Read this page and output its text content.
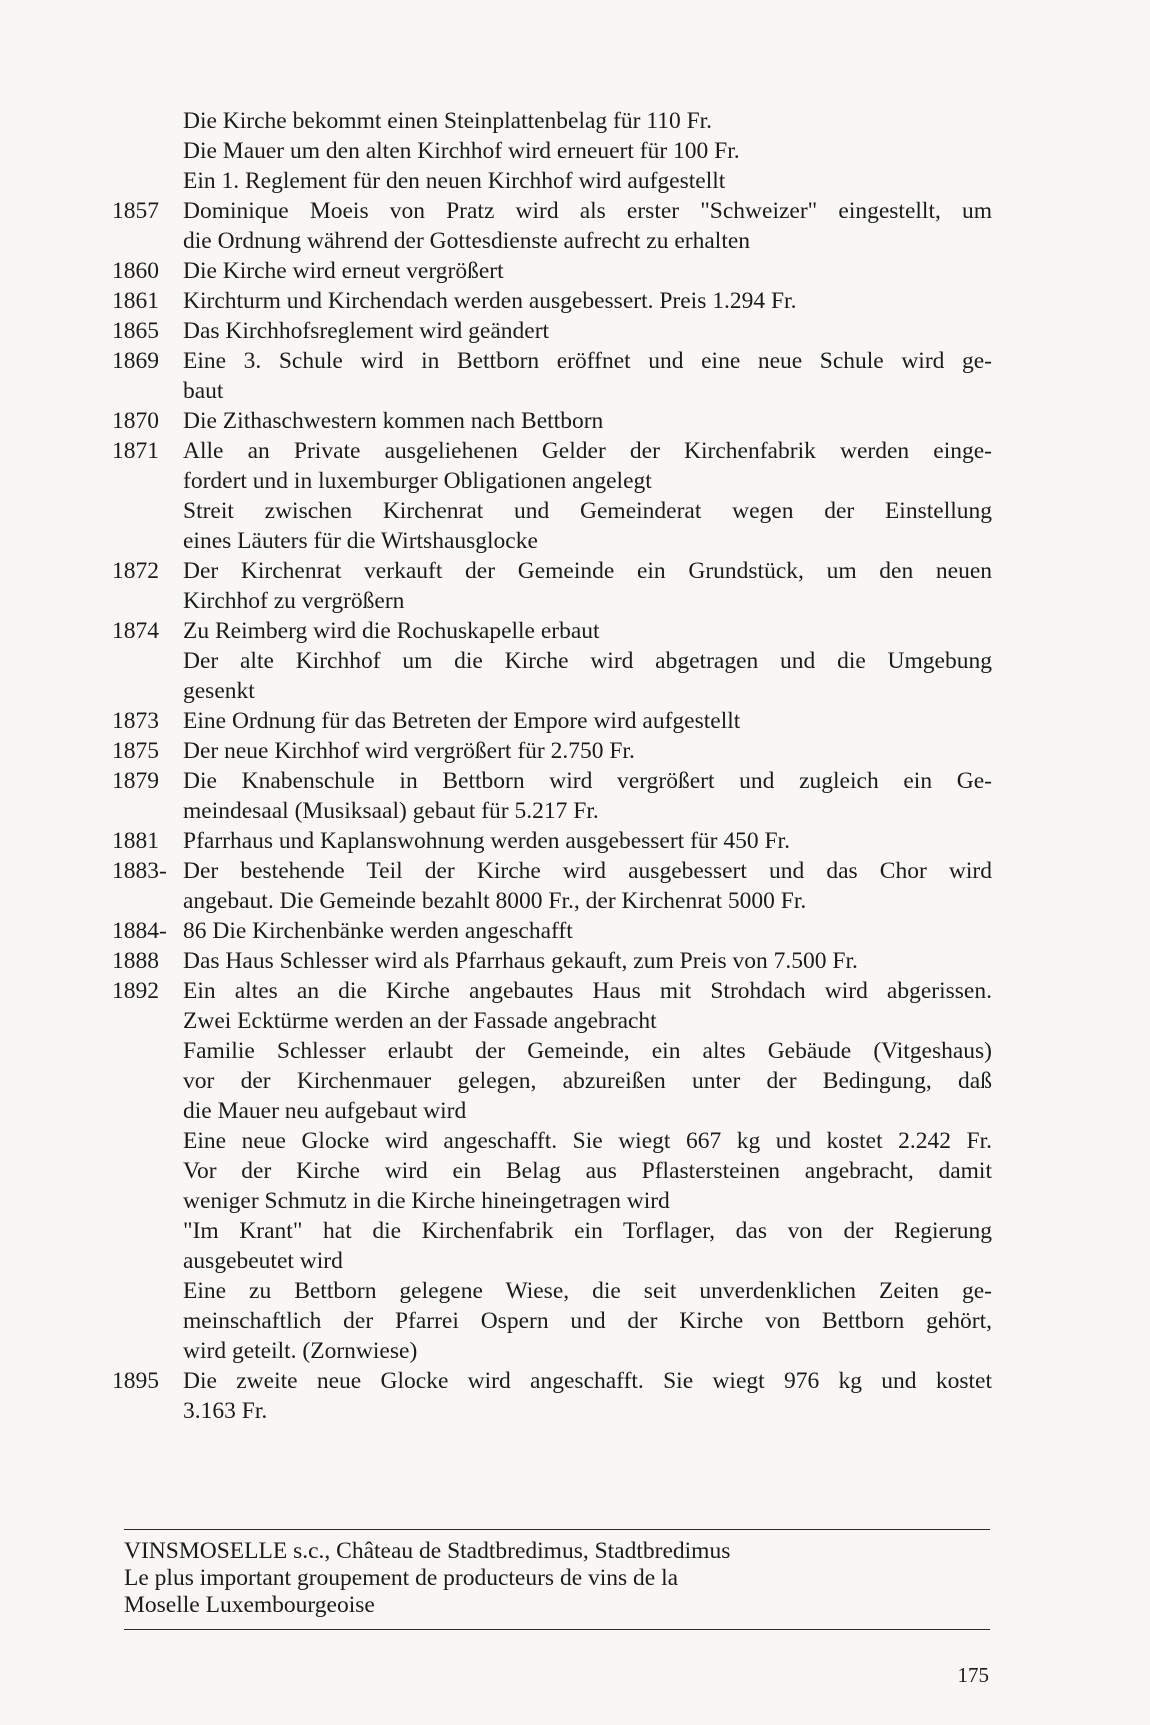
Die Kirche bekommt einen Steinplattenbelag für 110 Fr.
Die Mauer um den alten Kirchhof wird erneuert für 100 Fr.
Ein 1. Reglement für den neuen Kirchhof wird aufgestellt
1857	Dominique Moeis von Pratz wird als erster "Schweizer" eingestellt, um
die Ordnung während der Gottesdienste aufrecht zu erhalten
1860	Die Kirche wird erneut vergrößert
1861	Kirchturm und Kirchendach werden ausgebessert. Preis 1.294 Fr.
1865	Das Kirchhofsreglement wird geändert
1869	Eine 3. Schule wird in Bettborn eröffnet und eine neue Schule wird ge-
baut
1870	Die Zithaschwestern kommen nach Bettborn
1871	Alle an Private ausgeliehenen Gelder der Kirchenfabrik werden einge-
fordert und in luxemburger Obligationen angelegt
Streit zwischen Kirchenrat und Gemeinderat wegen der Einstellung
eines Läuters für die Wirtshausglocke
1872	Der Kirchenrat verkauft der Gemeinde ein Grundstück, um den neuen
Kirchhof zu vergrößern
1874	Zu Reimberg wird die Rochuskapelle erbaut
Der alte Kirchhof um die Kirche wird abgetragen und die Umgebung
gesenkt
1873	Eine Ordnung für das Betreten der Empore wird aufgestellt
1875	Der neue Kirchhof wird vergrößert für 2.750 Fr.
1879	Die Knabenschule in Bettborn wird vergrößert und zugleich ein Ge-
meindesaal (Musiksaal) gebaut für 5.217 Fr.
1881	Pfarrhaus und Kaplanswohnung werden ausgebessert für 450 Fr.
1883- Der bestehende Teil der Kirche wird ausgebessert und das Chor wird
angebaut. Die Gemeinde bezahlt 8000 Fr., der Kirchenrat 5000 Fr.
1884- 86 Die Kirchenbänke werden angeschafft
1888	Das Haus Schlesser wird als Pfarrhaus gekauft, zum Preis von 7.500 Fr.
1892	Ein altes an die Kirche angebautes Haus mit Strohdach wird abgerissen.
Zwei Ecktürme werden an der Fassade angebracht
Familie Schlesser erlaubt der Gemeinde, ein altes Gebäude (Vitgeshaus)
vor der Kirchenmauer gelegen, abzureißen unter der Bedingung, daß
die Mauer neu aufgebaut wird
Eine neue Glocke wird angeschafft. Sie wiegt 667 kg und kostet 2.242 Fr.
Vor der Kirche wird ein Belag aus Pflastersteinen angebracht, damit
weniger Schmutz in die Kirche hineingetragen wird
"Im Krant" hat die Kirchenfabrik ein Torflager, das von der Regierung
ausgebeutet wird
Eine zu Bettborn gelegene Wiese, die seit unverdenklichen Zeiten ge-
meinschaftlich der Pfarrei Ospern und der Kirche von Bettborn gehört,
wird geteilt. (Zornwiese)
1895	Die zweite neue Glocke wird angeschafft. Sie wiegt 976 kg und kostet
3.163 Fr.
VINSMOSELLE s.c., Château de Stadtbredimus, Stadtbredimus
Le plus important groupement de producteurs de vins de la
Moselle Luxembourgeoise
175
